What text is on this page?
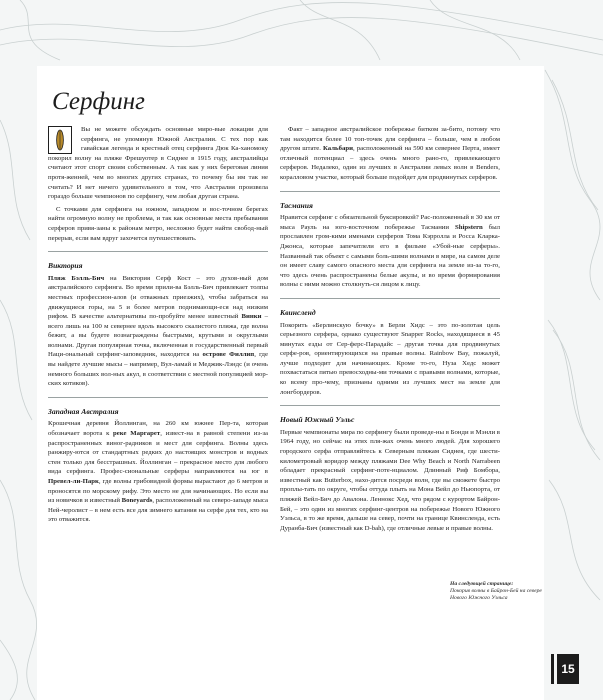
Серфинг

Вы не можете обсуждать основные миро-вые локации для серфинга, не упомянув Южной Австралии. С тех пор как гавайская легенда и крестный отец серфинга Дюк Ка-ханомоку покорил волну на пляже Фрешуотер в Сиднее в 1915 году, австралийцы считают этот спорт своим собственным. А так как у них береговая линия протя-женней, чем во многих других странах, то почему бы им так не считать? И нет ничего удивительного в том, что Австралия произвела гораздо больше чемпионов по серфингу, чем любая другая страна.

С точками для серфинга на южном, западном и вос-точном берегах найти огромную волну не проблема, и так как основные места пребывания серферов привя-заны к районам метро, несложно будет найти свобод-ный перерыв, если вам вдруг захочется путешествовать.

Виктория

Пляж Бэлль-Бич на Виктория Серф Кост – это духов-ный дом австралийского серфинга. Во время прили-ва Бэлль-Бич привлекает толпы местных профессион-алов (и отважных приезжих), чтобы забраться на движущиеся горы, на 5 и более метров поднимающи-еся над низким рифом. В качестве альтернативы по-пробуйте менее известный Винки – всего лишь на 100 м севернее вдоль высокого скалистого пляжа, где волна бежит, а вы будете вознаграждены быстрыми, крутыми и округлыми волнами. Другая популярная точка, включенная в государственный первый Наци-ональный серфинг-заповедник, находится на острове Филлип, где вы найдете лучшие мысы – например, Вул-ламай и Меджик-Лэндс (и очень немного больших вол-ных акул, в соответствии с местной популяцией мор-ских котиков).

Западная Австралия

Крошечная деревня Йоллинган, на 260 км южнее Пер-та, которая обозначает ворота к реке Маргарет, извест-на в равной степени из-за распространенных виног-радников и мест для серфинга. Волны здесь ранжиру-ются от стандартных редких до настоящих монстров и водных стен только для бесстрашных. Йоллинган – прекрасное место для любого вида серфинга. Профес-сиональные серферы направляются на юг в Превел-ли-Парк, где волны грибовидной формы вырастают до 6 метров и проносятся по морскому рифу. Это место не для начинающих. Но если вы из новичков и известный Boneyards, расположенный на северо-западе мыса Ней-черолист – в нем есть все для зимнего катания на серфе для тех, кто на это отважится.

Факт – западное австралийское побережье битком за-бито, потому что там находится более 10 топ-точек для серфинга – больше, чем в любом другом штате. Кальбари, расположенный на 590 км севернее Перта, имеет отличный потенциал – здесь очень много рано-го, привлекающего серферов. Недалеко, один из лучших в Австралии левых волн в Benders, коралловом участке, который больше подойдет для продвинутых серферов.

Тасмания

Нравится серфинг с обязательной буксировкой? Рас-положенный в 30 км от мыса Рауль на юго-восточном побережье Тасмании Shipstern был прославлен гром-кими именами серферов Тома Кэрролла и Росса Кларка-Джонса, которые запечатлели его в фильме «Убой-ные серферы». Названный так объект с самыми боль-шими волнами в мире, на самом деле он имеет славу самого опасного места для серфинга на земле из-за то-го, что здесь очень распространены белые акулы, и во время формирования волны с ними можно столкнуть-ся лицом к лицу.

Квинсленд

Покорить «Берлинскую бочку» в Берли Хидс – это по-золотая цель серьезного серфера, однако существуют Snapper Rocks, находящиеся в 45 минутах езды от Сер-ферс-Парадайс – другая точка для продвинутых серфе-ров, ориентирующихся на правые волны. Rainbow Bay, пожалуй, лучше подходит для начинающих. Кроме то-го, Нуза Хедс может похвастаться пятью превосходны-ми точками с правыми волнами, которые, ко всему про-чему, признаны одними из лучших мест на земле для лонгбордеров.

Новый Южный Уэльс

Первые чемпионаты мира по серфингу были проведе-ны в Бонди и Мэнли в 1964 году, но сейчас на этих пля-жах очень много людей. Для хорошего городского серфа отправляйтесь к Северным пляжам Сиднея, где шести-километровый коридор между пляжами Dee Why Beach и North Narrabeen обладает прекрасный серфинг-поте-нциалом. Длинный Риф Бомбора, известный как Butterbox, нахо-дится посреди волн, где вы сможете быстро проплы-тать по округе, чтобы оттуда плыть на Мона Вейл до Ньюпорта, от пляжей Вейл-Бич до Авалона. Леннокс Хед, что рядом с курортом Байрон-Бей, – это один из многих серфинг-центров на побережье Нового Южного Уэльса, в то же время, дальше на север, почти на границе Квинсленда, есть Дуранба-Бич (известный как D-bah), где отличные левые и правые волны.

На следующей странице:
Покорив волны в Байрон-Бей на севере Нового Южного Уэльса
15
